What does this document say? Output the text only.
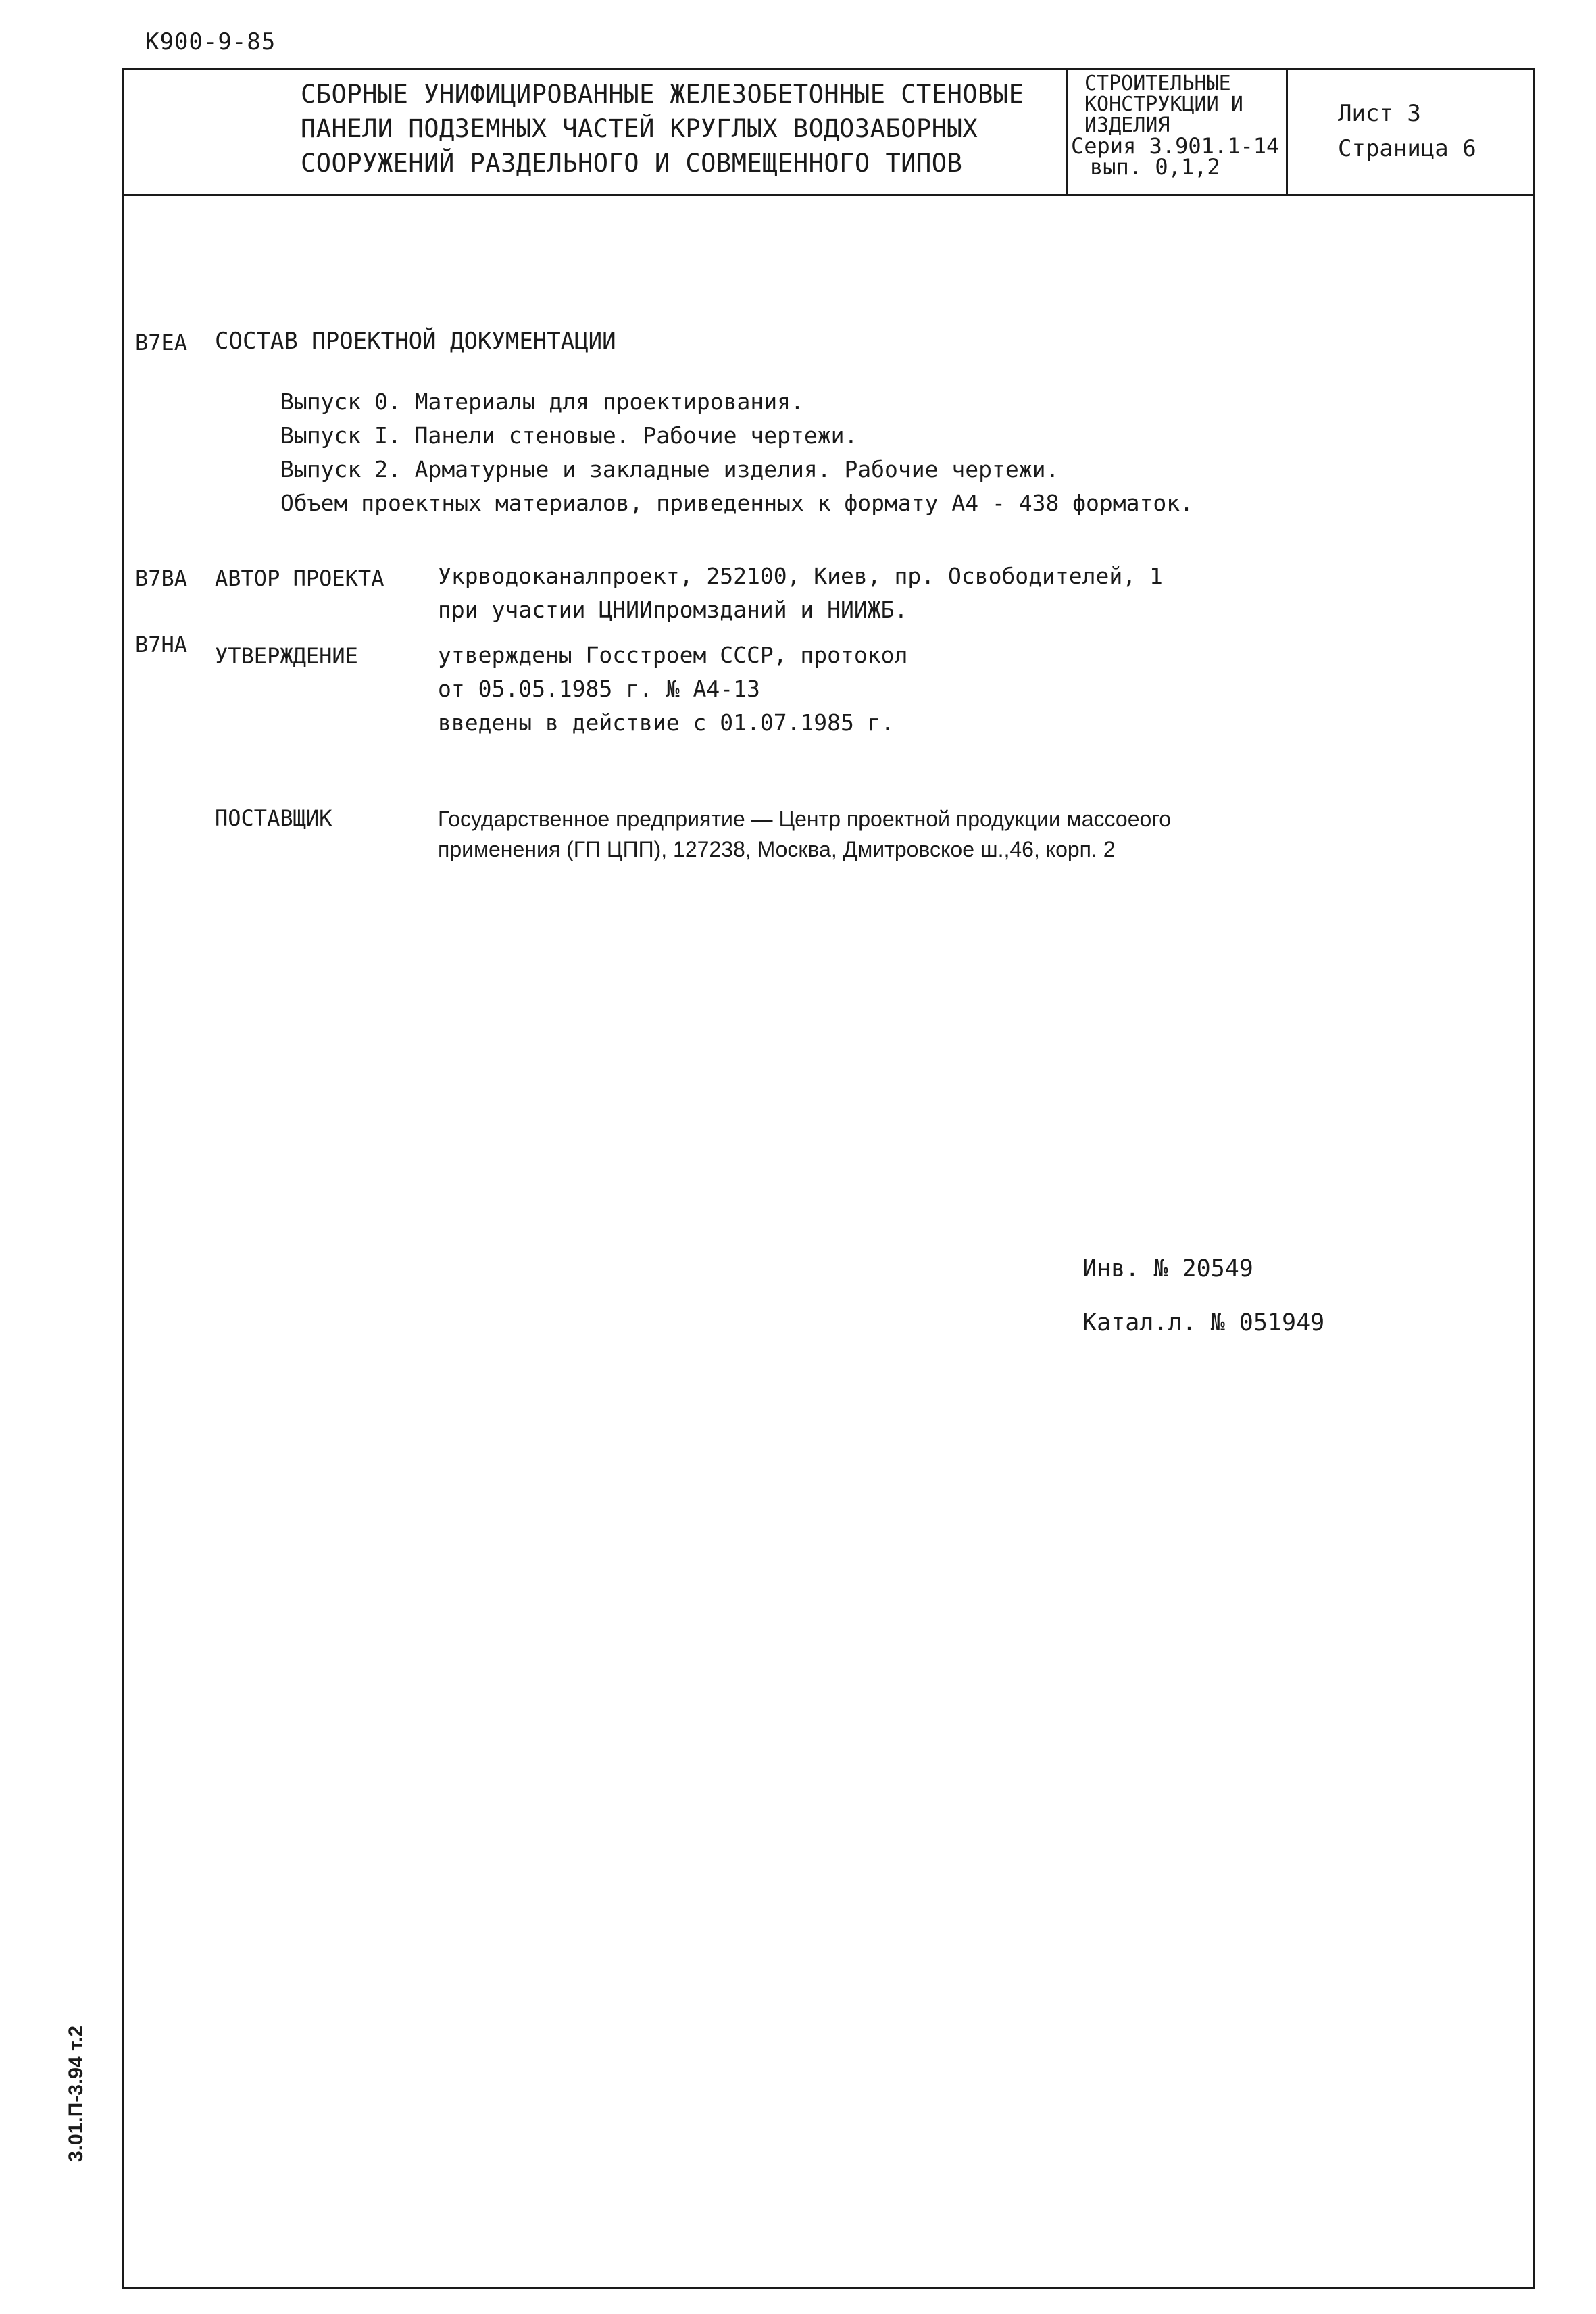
К900-9-85
СБОРНЫЕ УНИФИЦИРОВАННЫЕ ЖЕЛЕЗОБЕТОННЫЕ СТЕНОВЫЕ
ПАНЕЛИ ПОДЗЕМНЫХ ЧАСТЕЙ КРУГЛЫХ ВОДОЗАБОРНЫХ
СООРУЖЕНИЙ РАЗДЕЛЬНОГО И СОВМЕЩЕННОГО ТИПОВ
СТРОИТЕЛЬНЫЕ
КОНСТРУКЦИИ И
ИЗДЕЛИЯ
Серия 3.901.1-14
вып. 0,1,2
Лист 3
Страница 6
В7ЕА СОСТАВ ПРОЕКТНОЙ ДОКУМЕНТАЦИИ
Выпуск 0. Материалы для проектирования.
Выпуск I. Панели стеновые. Рабочие чертежи.
Выпуск 2. Арматурные и закладные изделия. Рабочие чертежи.
Объем проектных материалов, приведенных к формату А4 - 438 форматок.
В7ВА АВТОР ПРОЕКТА Укрводоканалпроект, 252100, Киев, пр. Освободителей, 1
при участии ЦНИИпромзданий и НИИЖБ.
В7НА УТВЕРЖДЕНИЕ	утверждены Госстроем СССР, протокол
от 05.05.1985 г. № А4-13
введены в действие с 01.07.1985 г.
ПОСТАВЩИК	Государственное предприятие — Центр проектной продукции массоеого
применения (ГП ЦПП), 127238, Москва, Дмитровское ш.,46, корп. 2
Инв. № 20549
Катал.л. № 051949
3.01.П-3.94 т.2
